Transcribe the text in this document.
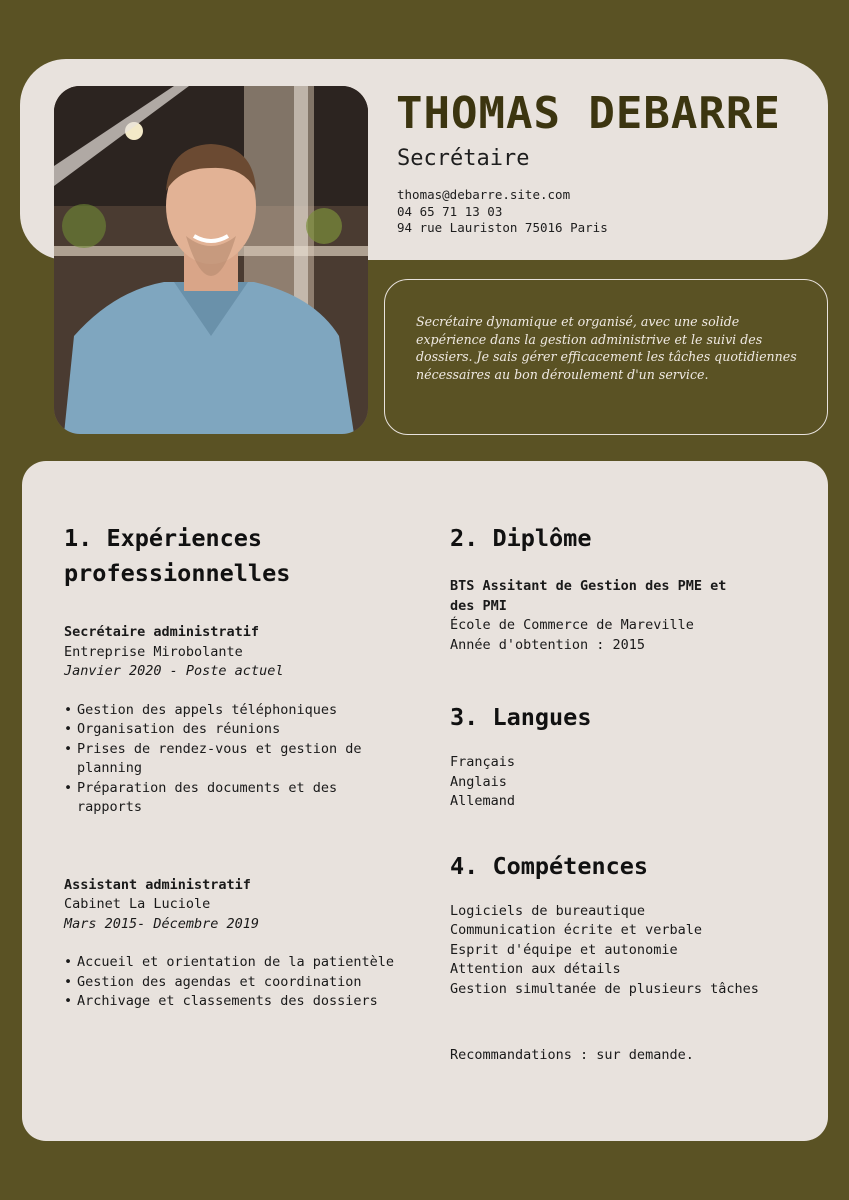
THOMAS DEBARRE
Secrétaire
thomas@debarre.site.com
04 65 71 13 03
94 rue Lauriston 75016 Paris
Secrétaire dynamique et organisé, avec une solide expérience dans la gestion administrive et le suivi des dossiers. Je sais gérer efficacement les tâches quotidiennes nécessaires au bon déroulement d'un service.
1. Expériences professionnelles
Secrétaire administratif
Entreprise Mirobolante
Janvier 2020 - Poste actuel
• Gestion des appels téléphoniques
• Organisation des réunions
• Prises de rendez-vous et gestion de planning
• Préparation des documents et des rapports
Assistant administratif
Cabinet La Luciole
Mars 2015- Décembre 2019
• Accueil et orientation de la patientèle
• Gestion des agendas et coordination
• Archivage et classements des dossiers
2. Diplôme
BTS Assitant de Gestion des PME et des PMI
École de Commerce de Mareville
Année d'obtention : 2015
3. Langues
Français
Anglais
Allemand
4. Compétences
Logiciels de bureautique
Communication écrite et verbale
Esprit d'équipe et autonomie
Attention aux détails
Gestion simultanée de plusieurs tâches
Recommandations : sur demande.
